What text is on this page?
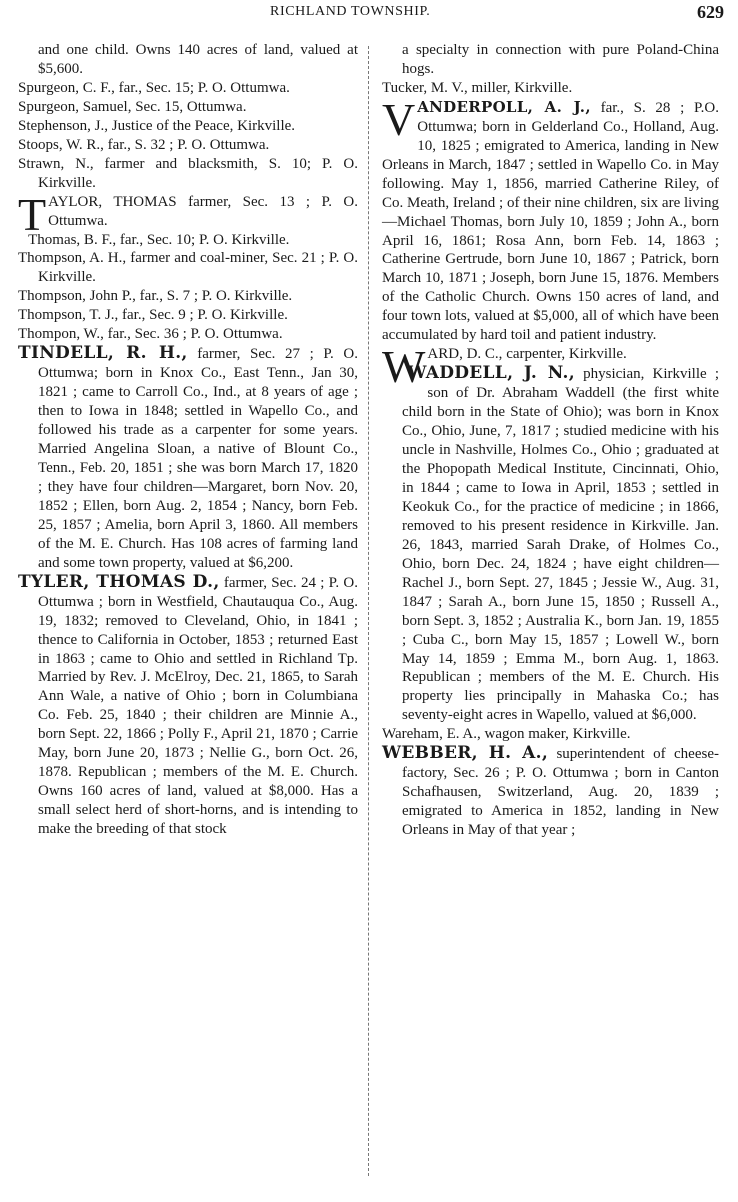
RICHLAND TOWNSHIP.	629

and one child. Owns 140 acres of land, valued at $5,600.

Spurgeon, C. F., far., Sec. 15; P. O. Ottumwa.

Spurgeon, Samuel, Sec. 15, Ottumwa.

Stephenson, J., Justice of the Peace, Kirkville.

Stoops, W. R., far., S. 32 ; P. O. Ottumwa.

Strawn, N., farmer and blacksmith, S. 10; P. O. Kirkville.

TAYLOR, THOMAS farmer, Sec. 13 ; P. O. Ottumwa.

Thomas, B. F., far., Sec. 10; P. O. Kirkville.

Thompson, A. H., farmer and coal-miner, Sec. 21 ; P. O. Kirkville.

Thompson, John P., far., S. 7 ; P. O. Kirkville.

Thompson, T. J., far., Sec. 9 ; P. O. Kirkville.

Thompon, W., far., Sec. 36 ; P. O. Ottumwa.

TINDELL, R. H., farmer, Sec. 27 ; P. O. Ottumwa; born in Knox Co., East Tenn., Jan 30, 1821 ; came to Carroll Co., Ind., at 8 years of age ; then to Iowa in 1848; settled in Wapello Co., and followed his trade as a carpenter for some years. Married Angelina Sloan, a native of Blount Co., Tenn., Feb. 20, 1851 ; she was born March 17, 1820 ; they have four children—Margaret, born Nov. 20, 1852 ; Ellen, born Aug. 2, 1854 ; Nancy, born Feb. 25, 1857 ; Amelia, born April 3, 1860. All members of the M. E. Church. Has 108 acres of farming land and some town property, valued at $6,200.

TYLER, THOMAS D., farmer, Sec. 24 ; P. O. Ottumwa ; born in Westfield, Chautauqua Co., Aug. 19, 1832; removed to Cleveland, Ohio, in 1841 ; thence to California in October, 1853 ; returned East in 1863 ; came to Ohio and settled in Richland Tp. Married by Rev. J. McElroy, Dec. 21, 1865, to Sarah Ann Wale, a native of Ohio ; born in Columbiana Co. Feb. 25, 1840 ; their children are Minnie A., born Sept. 22, 1866 ; Polly F., April 21, 1870 ; Carrie May, born June 20, 1873 ; Nellie G., born Oct. 26, 1878. Republican ; members of the M. E. Church. Owns 160 acres of land, valued at $8,000. Has a small select herd of short-horns, and is intending to make the breeding of that stock

a specialty in connection with pure Poland-China hogs.

Tucker, M. V., miller, Kirkville.

VANDERPOLL, A. J., far., S. 28 ; P.O. Ottumwa; born in Gelderland Co., Holland, Aug. 10, 1825 ; emigrated to America, landing in New Orleans in March, 1847 ; settled in Wapello Co. in May following. May 1, 1856, married Catherine Riley, of Co. Meath, Ireland ; of their nine children, six are living—Michael Thomas, born July 10, 1859 ; John A., born April 16, 1861; Rosa Ann, born Feb. 14, 1863 ; Catherine Gertrude, born June 10, 1867 ; Patrick, born March 10, 1871 ; Joseph, born June 15, 1876. Members of the Catholic Church. Owns 150 acres of land, and four town lots, valued at $5,000, all of which have been accumulated by hard toil and patient industry.

WARD, D. C., carpenter, Kirkville.

WADDELL, J. N., physician, Kirkville ; son of Dr. Abraham Waddell (the first white child born in the State of Ohio); was born in Knox Co., Ohio, June, 7, 1817 ; studied medicine with his uncle in Nashville, Holmes Co., Ohio ; graduated at the Phopopath Medical Institute, Cincinnati, Ohio, in 1844 ; came to Iowa in April, 1853 ; settled in Keokuk Co., for the practice of medicine ; in 1866, removed to his present residence in Kirkville. Jan. 26, 1843, married Sarah Drake, of Holmes Co., Ohio, born Dec. 24, 1824 ; have eight children—Rachel J., born Sept. 27, 1845 ; Jessie W., Aug. 31, 1847 ; Sarah A., born June 15, 1850 ; Russell A., born Sept. 3, 1852 ; Australia K., born Jan. 19, 1855 ; Cuba C., born May 15, 1857 ; Lowell W., born May 14, 1859 ; Emma M., born Aug. 1, 1863. Republican ; members of the M. E. Church. His property lies principally in Mahaska Co.; has seventy-eight acres in Wapello, valued at $6,000.

Wareham, E. A., wagon maker, Kirkville.

WEBBER, H. A., superintendent of cheese-factory, Sec. 26 ; P. O. Ottumwa ; born in Canton Schafhausen, Switzerland, Aug. 20, 1839 ; emigrated to America in 1852, landing in New Orleans in May of that year ;
